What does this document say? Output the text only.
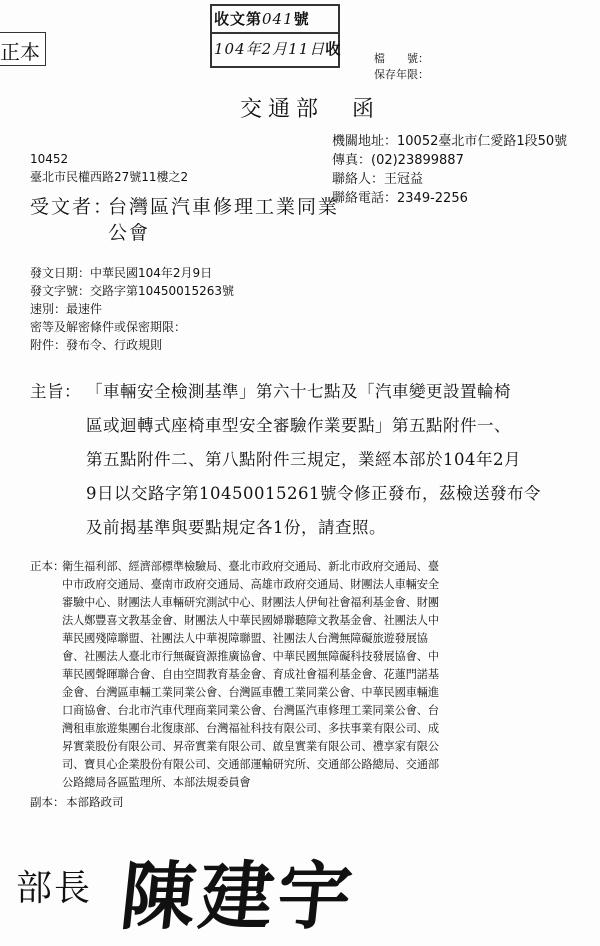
收文第041號
104年2月11日收
正本	檔　　號：
保存年限：
交通部　函
機關地址：10052臺北市仁愛路1段50號
傳真：(02)23899887
聯絡人：王冠益
聯絡電話：2349-2256
10452
臺北市民權西路27號11樓之2
受文者：
台灣區汽車修理工業同業
公會
發文日期：中華民國104年2月9日
發文字號：交路字第10450015263號
速別：最速件
密等及解密條件或保密期限：
附件：發布令、行政規則
主旨： 「車輛安全檢測基準」第六十七點及「汽車變更設置輪椅
區或迴轉式座椅車型安全審驗作業要點」第五點附件一、
第五點附件二、第八點附件三規定，業經本部於104年2月
9日以交路字第10450015261號令修正發布，茲檢送發布令
及前揭基準與要點規定各1份，請查照。
正本：
衛生福利部、經濟部標準檢驗局、臺北市政府交通局、新北市政府交通局、臺
中市政府交通局、臺南市政府交通局、高雄市政府交通局、財團法人車輛安全
審驗中心、財團法人車輛研究測試中心、財團法人伊甸社會福利基金會、財團
法人鄭豐喜文教基金會、財團法人中華民國婦聯聽障文教基金會、社團法人中
華民國殘障聯盟、社團法人中華視障聯盟、社團法人台灣無障礙旅遊發展協
會、社團法人臺北市行無礙資源推廣協會、中華民國無障礙科技發展協會、中
華民國聲暉聯合會、自由空間教育基金會、育成社會福利基金會、花蓮門諾基
金會、台灣區車輛工業同業公會、台灣區車體工業同業公會、中華民國車輛進
口商協會、台北市汽車代理商業同業公會、台灣區汽車修理工業同業公會、台
灣租車旅遊集團台北復康部、台灣福祉科技有限公司、多扶事業有限公司、成
昇實業股份有限公司、昇帝實業有限公司、啟皇實業有限公司、禮享家有限公
司、寶貝心企業股份有限公司、交通部運輸研究所、交通部公路總局、交通部
公路總局各區監理所、本部法規委員會
副本： 本部路政司
部長 陳建宇
